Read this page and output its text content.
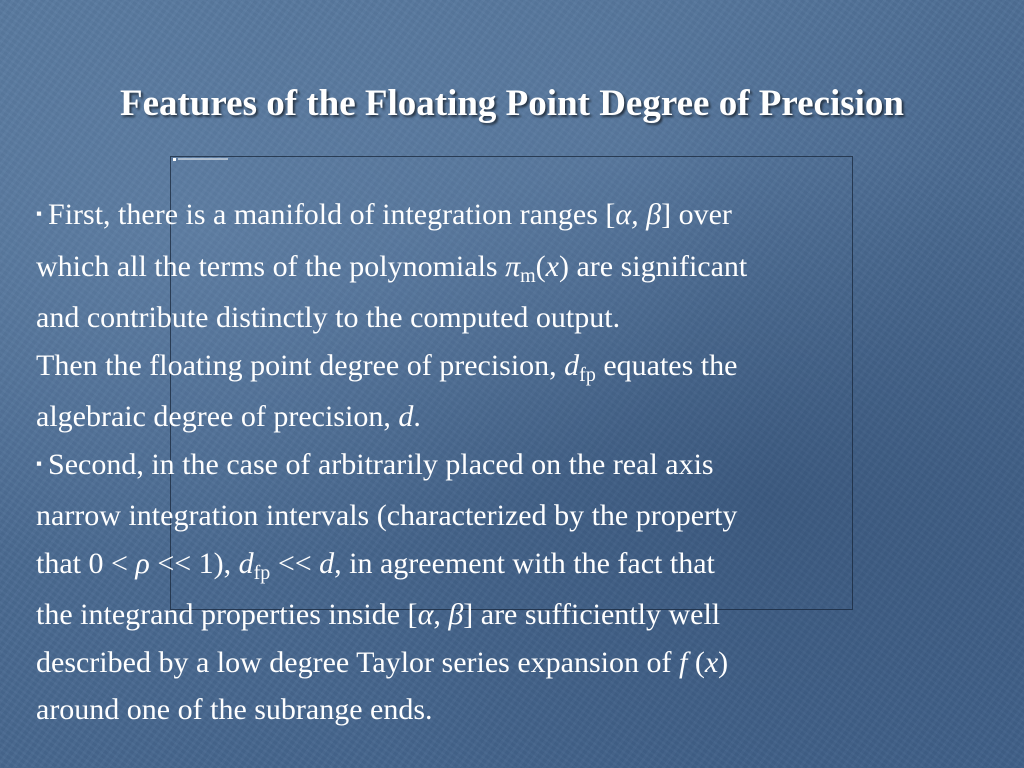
Features of the Floating Point Degree of Precision

▪ First, there is a manifold of integration ranges [α, β] over

which all the terms of the polynomials $\pi_m(x)$ are significant

and contribute distinctly to the computed output.

Then the floating point degree of precision, $d_{fp}$ equates the

algebraic degree of precision, d.

▪ Second, in the case of arbitrarily placed on the real axis

narrow integration intervals (characterized by the property

that 0 < ρ << 1), $d_{fp} << d$, in agreement with the fact that

the integrand properties inside [α, β] are sufficiently well

described by a low degree Taylor series expansion of f (x)

around one of the subrange ends.
